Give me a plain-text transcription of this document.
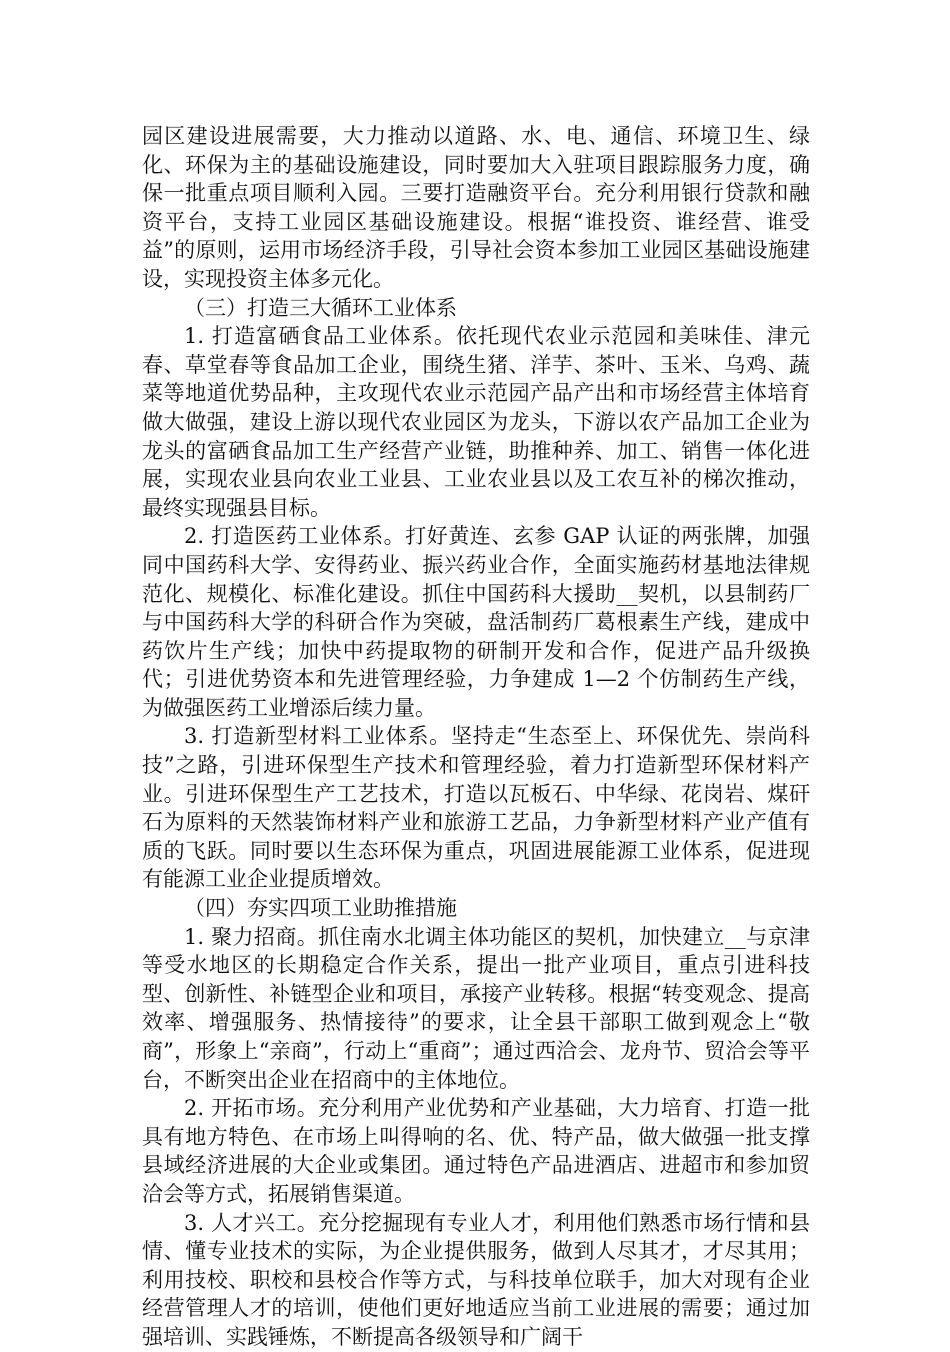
园区建设进展需要，大力推动以道路、水、电、通信、环境卫生、绿化、环保为主的基础设施建设，同时要加大入驻项目跟踪服务力度，确保一批重点项目顺利入园。三要打造融资平台。充分利用银行贷款和融资平台，支持工业园区基础设施建设。根据“谁投资、谁经营、谁受益”的原则，运用市场经济手段，引导社会资本参加工业园区基础设施建设，实现投资主体多元化。

（三）打造三大循环工业体系

1. 打造富硒食品工业体系。依托现代农业示范园和美味佳、津元春、草堂春等食品加工企业，围绕生猪、洋芋、茶叶、玉米、乌鸡、蔬菜等地道优势品种，主攻现代农业示范园产品产出和市场经营主体培育做大做强，建设上游以现代农业园区为龙头，下游以农产品加工企业为龙头的富硒食品加工生产经营产业链，助推种养、加工、销售一体化进展，实现农业县向农业工业县、工业农业县以及工农互补的梯次推动，最终实现强县目标。

2. 打造医药工业体系。打好黄连、玄参 GAP 认证的两张牌，加强同中国药科大学、安得药业、振兴药业合作，全面实施药材基地法律规范化、规模化、标准化建设。抓住中国药科大援助__契机，以县制药厂与中国药科大学的科研合作为突破，盘活制药厂葛根素生产线，建成中药饮片生产线；加快中药提取物的研制开发和合作，促进产品升级换代；引进优势资本和先进管理经验，力争建成 1—2 个仿制药生产线，为做强医药工业增添后续力量。

3. 打造新型材料工业体系。坚持走“生态至上、环保优先、崇尚科技”之路，引进环保型生产技术和管理经验，着力打造新型环保材料产业。引进环保型生产工艺技术，打造以瓦板石、中华绿、花岗岩、煤矸石为原料的天然装饰材料产业和旅游工艺品，力争新型材料产业产值有质的飞跃。同时要以生态环保为重点，巩固进展能源工业体系，促进现有能源工业企业提质增效。

（四）夯实四项工业助推措施

1. 聚力招商。抓住南水北调主体功能区的契机，加快建立__与京津等受水地区的长期稳定合作关系，提出一批产业项目，重点引进科技型、创新性、补链型企业和项目，承接产业转移。根据“转变观念、提高效率、增强服务、热情接待”的要求，让全县干部职工做到观念上“敬商”，形象上“亲商”，行动上“重商”；通过西洽会、龙舟节、贸洽会等平台，不断突出企业在招商中的主体地位。

2. 开拓市场。充分利用产业优势和产业基础，大力培育、打造一批具有地方特色、在市场上叫得响的名、优、特产品，做大做强一批支撑县域经济进展的大企业或集团。通过特色产品进酒店、进超市和参加贸洽会等方式，拓展销售渠道。

3. 人才兴工。充分挖掘现有专业人才，利用他们熟悉市场行情和县情、懂专业技术的实际，为企业提供服务，做到人尽其才，才尽其用；利用技校、职校和县校合作等方式，与科技单位联手，加大对现有企业经营管理人才的培训，使他们更好地适应当前工业进展的需要；通过加强培训、实践锤炼，不断提高各级领导和广阔干
